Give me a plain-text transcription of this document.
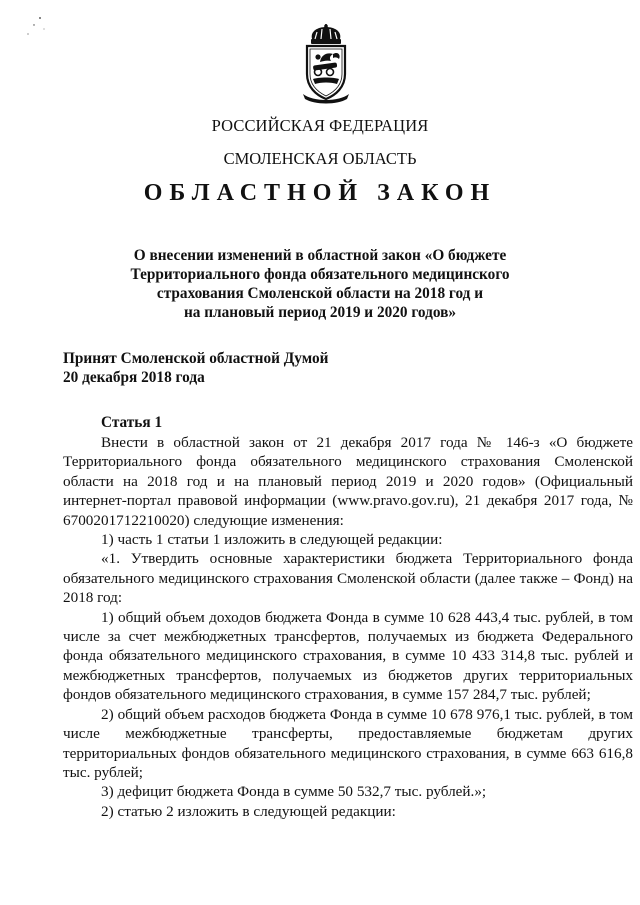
РОССИЙСКАЯ ФЕДЕРАЦИЯ
СМОЛЕНСКАЯ ОБЛАСТЬ
ОБЛАСТНОЙ ЗАКОН
О внесении изменений в областной закон «О бюджете
Территориального фонда обязательного медицинского
страхования Смоленской области на 2018 год и
на плановый период 2019 и 2020 годов»
Принят Смоленской областной Думой
20 декабря 2018 года
Статья 1

Внести в областной закон от 21 декабря 2017 года № 146-з «О бюджете Территориального фонда обязательного медицинского страхования Смоленской области на 2018 год и на плановый период 2019 и 2020 годов» (Официальный интернет-портал правовой информации (www.pravo.gov.ru), 21 декабря 2017 года, № 6700201712210020) следующие изменения:

1) часть 1 статьи 1 изложить в следующей редакции:

«1. Утвердить основные характеристики бюджета Территориального фонда обязательного медицинского страхования Смоленской области (далее также – Фонд) на 2018 год:

1) общий объем доходов бюджета Фонда в сумме 10 628 443,4 тыс. рублей, в том числе за счет межбюджетных трансфертов, получаемых из бюджета Федерального фонда обязательного медицинского страхования, в сумме 10 433 314,8 тыс. рублей и межбюджетных трансфертов, получаемых из бюджетов других территориальных фондов обязательного медицинского страхования, в сумме 157 284,7 тыс. рублей;

2) общий объем расходов бюджета Фонда в сумме 10 678 976,1 тыс. рублей, в том числе межбюджетные трансферты, предоставляемые бюджетам других территориальных фондов обязательного медицинского страхования, в сумме 663 616,8 тыс. рублей;

3) дефицит бюджета Фонда в сумме 50 532,7 тыс. рублей.»;

2) статью 2 изложить в следующей редакции:
